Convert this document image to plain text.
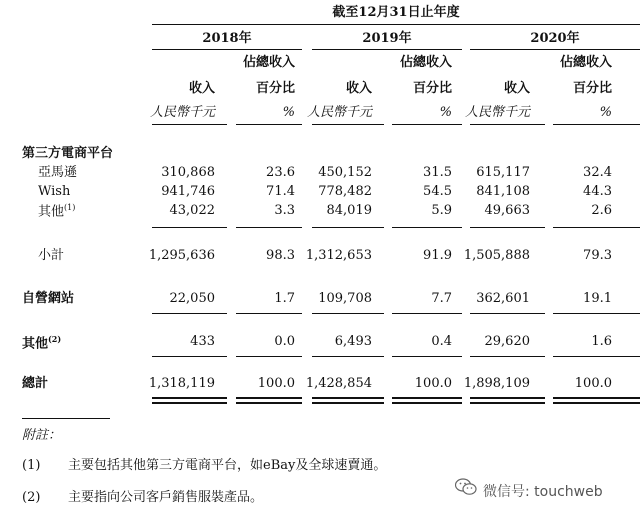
截至12月31日止年度
2018年	2019年	2020年
佔總收入	佔總收入	佔總收入
收入	百分比	收入	百分比	收入	百分比
人民幣千元	% 人民幣千元	% 人民幣千元	%
第三方電商平台
亞馬遜	310,868	23.6 450,152	31.5 615,117	32.4
Wish	941,746	71.4 778,482	54.5 841,108	44.3
其他$^{(1)}$	43,022	3.3 84,019	5.9	49,663	2.6
小計	1,295,636	98.3 1,312,653	91.9 1,505,888	79.3
自營網站	22,050	1.7 109,708	7.7 362,601	19.1
其他$^{(2)}$	433	0.0	6,493	0.4	29,620	1.6
總計	1,318,119	100.0 1,428,854	100.0 1,898,109	100.0
附註：
(1) 主要包括其他第三方電商平台，如eBay及全球速賣通。
(2) 主要指向公司客戶銷售服裝產品。	微信号: touchweb
